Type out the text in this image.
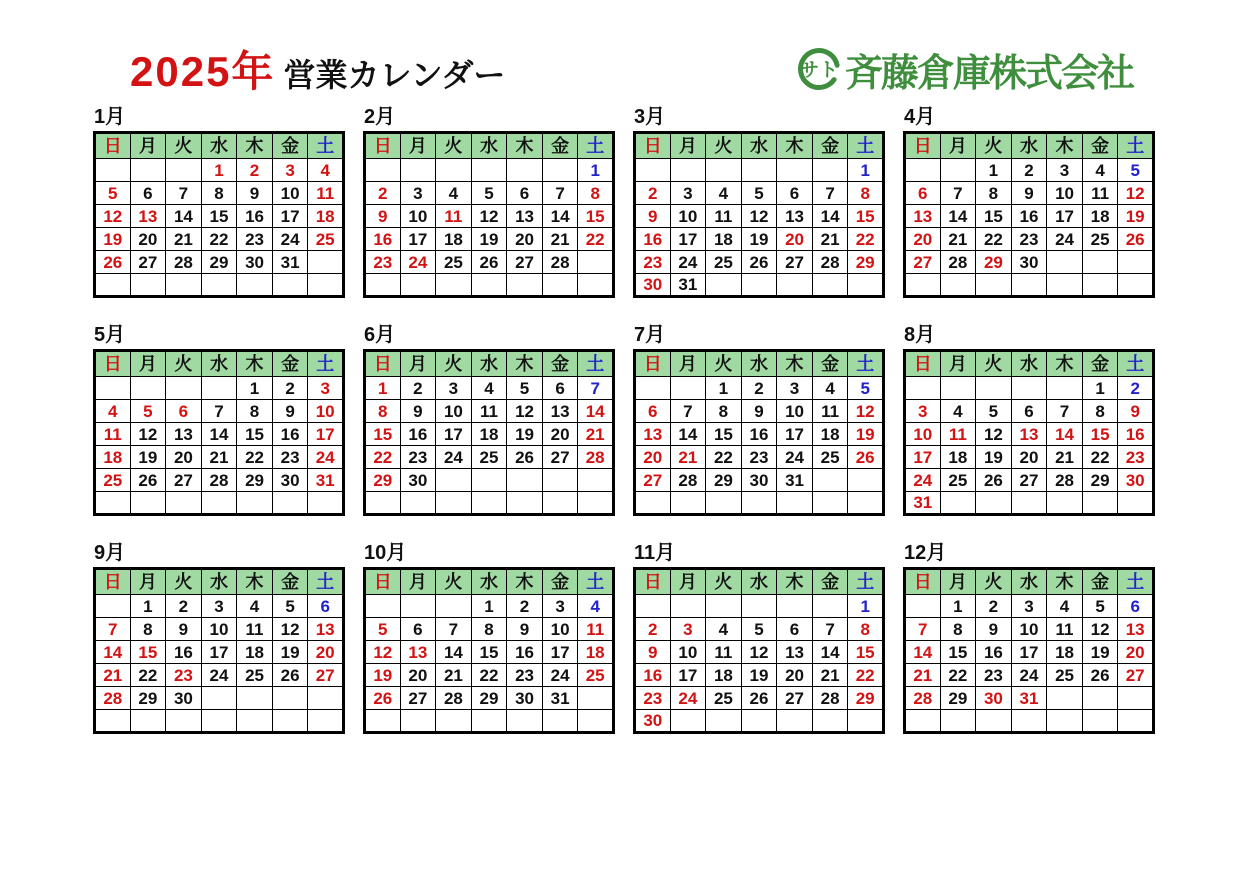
2025年 営業カレンダー	サト 斉藤倉庫株式会社
1月
日	月	火	水	木	金	土
			1	2	3	4
5	6	7	8	9	10	11
12	13	14	15	16	17	18
19	20	21	22	23	24	25
26	27	28	29	30	31	

2月
日	月	火	水	木	金	土
						1
2	3	4	5	6	7	8
9	10	11	12	13	14	15
16	17	18	19	20	21	22
23	24	25	26	27	28	

3月
日	月	火	水	木	金	土
						1
2	3	4	5	6	7	8
9	10	11	12	13	14	15
16	17	18	19	20	21	22
23	24	25	26	27	28	29
30	31					
4月
日	月	火	水	木	金	土
		1	2	3	4	5
6	7	8	9	10	11	12
13	14	15	16	17	18	19
20	21	22	23	24	25	26
27	28	29	30			

5月
日	月	火	水	木	金	土
				1	2	3
4	5	6	7	8	9	10
11	12	13	14	15	16	17
18	19	20	21	22	23	24
25	26	27	28	29	30	31

6月
日	月	火	水	木	金	土
1	2	3	4	5	6	7
8	9	10	11	12	13	14
15	16	17	18	19	20	21
22	23	24	25	26	27	28
29	30					

7月
日	月	火	水	木	金	土
		1	2	3	4	5
6	7	8	9	10	11	12
13	14	15	16	17	18	19
20	21	22	23	24	25	26
27	28	29	30	31		

8月
日	月	火	水	木	金	土
					1	2
3	4	5	6	7	8	9
10	11	12	13	14	15	16
17	18	19	20	21	22	23
24	25	26	27	28	29	30
31						
9月
日	月	火	水	木	金	土
	1	2	3	4	5	6
7	8	9	10	11	12	13
14	15	16	17	18	19	20
21	22	23	24	25	26	27
28	29	30				

10月
日	月	火	水	木	金	土
			1	2	3	4
5	6	7	8	9	10	11
12	13	14	15	16	17	18
19	20	21	22	23	24	25
26	27	28	29	30	31	

11月
日	月	火	水	木	金	土
						1
2	3	4	5	6	7	8
9	10	11	12	13	14	15
16	17	18	19	20	21	22
23	24	25	26	27	28	29
30						
12月
日	月	火	水	木	金	土
	1	2	3	4	5	6
7	8	9	10	11	12	13
14	15	16	17	18	19	20
21	22	23	24	25	26	27
28	29	30	31			
